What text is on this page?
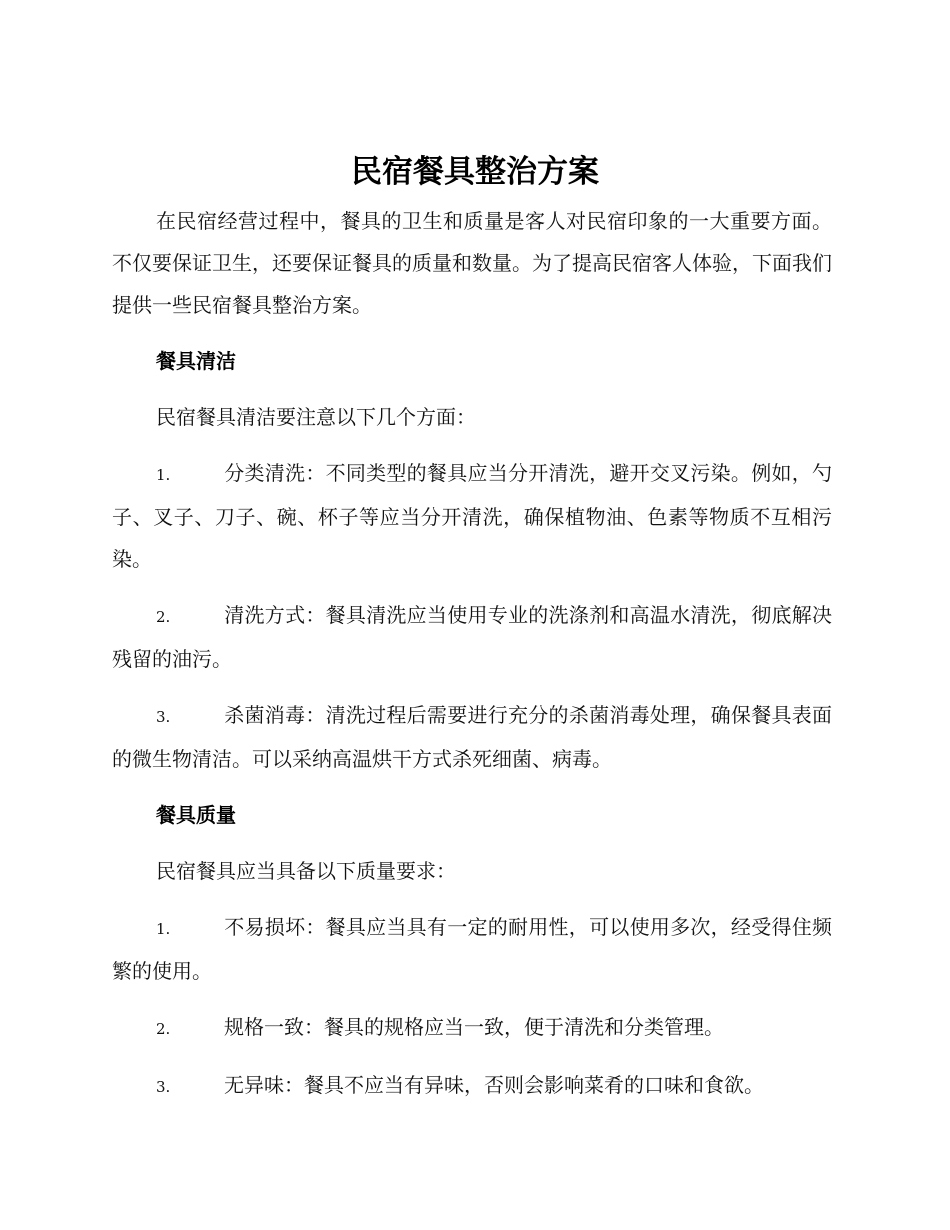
民宿餐具整治方案

在民宿经营过程中，餐具的卫生和质量是客人对民宿印象的一大重要方面。不仅要保证卫生，还要保证餐具的质量和数量。为了提高民宿客人体验，下面我们提供一些民宿餐具整治方案。

餐具清洁

民宿餐具清洁要注意以下几个方面：

1.	分类清洗：不同类型的餐具应当分开清洗，避开交叉污染。例如，勺子、叉子、刀子、碗、杯子等应当分开清洗，确保植物油、色素等物质不互相污染。

2.	清洗方式：餐具清洗应当使用专业的洗涤剂和高温水清洗，彻底解决残留的油污。

3.	杀菌消毒：清洗过程后需要进行充分的杀菌消毒处理，确保餐具表面的微生物清洁。可以采纳高温烘干方式杀死细菌、病毒。

餐具质量

民宿餐具应当具备以下质量要求：

1.	不易损坏：餐具应当具有一定的耐用性，可以使用多次，经受得住频繁的使用。

2.	规格一致：餐具的规格应当一致，便于清洗和分类管理。

3.	无异味：餐具不应当有异味，否则会影响菜肴的口味和食欲。
